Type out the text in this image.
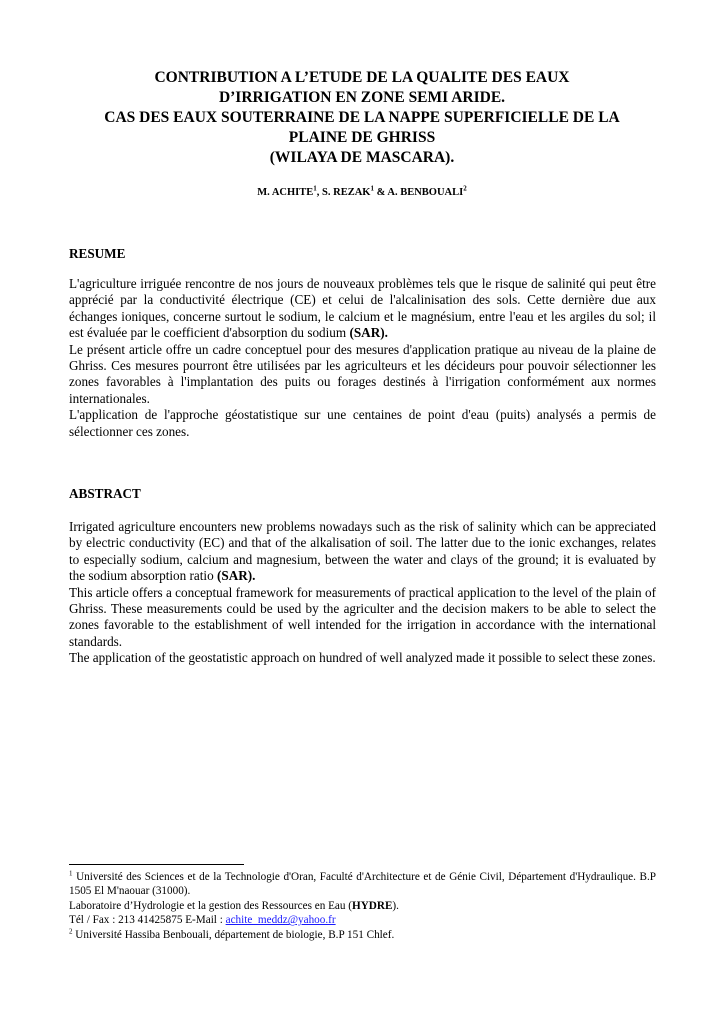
CONTRIBUTION A L’ETUDE DE LA QUALITE DES EAUX
D’IRRIGATION EN ZONE SEMI ARIDE.
CAS DES EAUX SOUTERRAINE DE LA NAPPE SUPERFICIELLE DE LA
PLAINE DE GHRISS
(WILAYA DE MASCARA).
M. ACHITE$^1$, S. REZAK$^1$ & A. BENBOUALI$^2$
RESUME

L'agriculture irriguée rencontre de nos jours de nouveaux problèmes tels que le risque de salinité qui peut être apprécié par la conductivité électrique (CE) et celui de l'alcalinisation des sols. Cette dernière due aux échanges ioniques, concerne surtout le sodium, le calcium et le magnésium, entre l'eau et les argiles du sol; il est évaluée par le coefficient d'absorption du sodium (SAR).

Le présent article offre un cadre conceptuel pour des mesures d'application pratique au niveau de la plaine de Ghriss. Ces mesures pourront être utilisées par les agriculteurs et les décideurs pour pouvoir sélectionner les zones favorables à l'implantation des puits ou forages destinés à l'irrigation conformément aux normes internationales.

L'application de l'approche géostatistique sur une centaines de point d'eau (puits) analysés a permis de sélectionner ces zones.

ABSTRACT

Irrigated agriculture encounters new problems nowadays such as the risk of salinity which can be appreciated by electric conductivity (EC) and that of the alkalisation of soil. The latter due to the ionic exchanges, relates to especially sodium, calcium and magnesium, between the water and clays of the ground; it is evaluated by the sodium absorption ratio (SAR).

This article offers a conceptual framework for measurements of practical application to the level of the plain of Ghriss. These measurements could be used by the agriculter and the decision makers to be able to select the zones favorable to the establishment of well intended for the irrigation in accordance with the international standards.

The application of the geostatistic approach on hundred of well analyzed made it possible to select these zones.

$^1$ Université des Sciences et de la Technologie d'Oran, Faculté d'Architecture et de Génie Civil, Département d'Hydraulique. B.P 1505 El M'naouar (31000).

Laboratoire d’Hydrologie et la gestion des Ressources en Eau (HYDRE).

Tél / Fax : 213 41425875 E-Mail : achite_meddz@yahoo.fr

$^2$ Université Hassiba Benbouali, département de biologie, B.P 151 Chlef.
